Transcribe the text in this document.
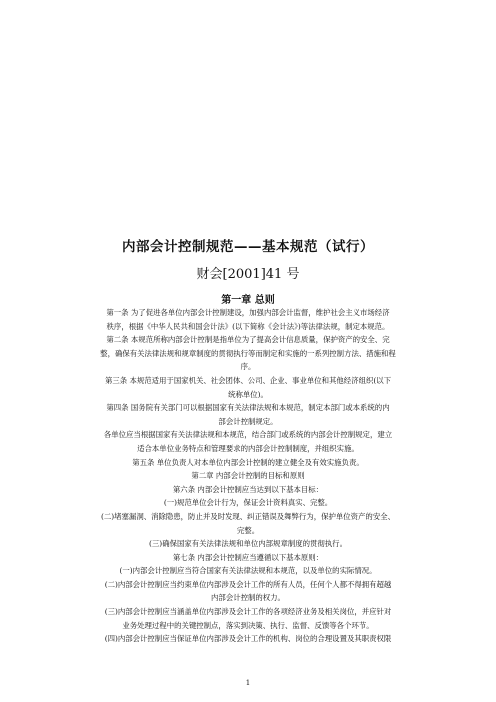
内部会计控制规范——基本规范（试行）
财会[2001]41 号
第一章 总则
第一条 为了促进各单位内部会计控制建设，加强内部会计监督，维护社会主义市场经济
秩序，根据《中华人民共和国会计法》(以下简称《会计法》)等法律法规，制定本规范。
第二条 本规范所称内部会计控制是指单位为了提高会计信息质量，保护资产的安全、完
整，确保有关法律法规和规章制度的贯彻执行等而制定和实施的一系列控制方法、措施和程
序。
第三条 本规范适用于国家机关、社会团体、公司、企业、事业单位和其他经济组织(以下
统称单位)。
第四条 国务院有关部门可以根据国家有关法律法规和本规范，制定本部门或本系统的内
部会计控制规定。
各单位应当根据国家有关法律法规和本规范，结合部门或系统的内部会计控制规定，建立
适合本单位业务特点和管理要求的内部会计控制制度，并组织实施。
第五条 单位负责人对本单位内部会计控制的建立健全及有效实施负责。
第二章 内部会计控制的目标和原则
第六条 内部会计控制应当达到以下基本目标：
(一)规范单位会计行为，保证会计资料真实、完整。
(二)堵塞漏洞、消除隐患，防止并及时发现、纠正错误及舞弊行为，保护单位资产的安全、
完整。
(三)确保国家有关法律法规和单位内部规章制度的贯彻执行。
第七条 内部会计控制应当遵循以下基本原则：
(一)内部会计控制应当符合国家有关法律法规和本规范，以及单位的实际情况。
(二)内部会计控制应当约束单位内部涉及会计工作的所有人员，任何个人都不得拥有超越
内部会计控制的权力。
(三)内部会计控制应当涵盖单位内部涉及会计工作的各项经济业务及相关岗位，并应针对
业务处理过程中的关键控制点，落实到决策、执行、监督、反馈等各个环节。
(四)内部会计控制应当保证单位内部涉及会计工作的机构、岗位的合理设置及其职责权限
1
